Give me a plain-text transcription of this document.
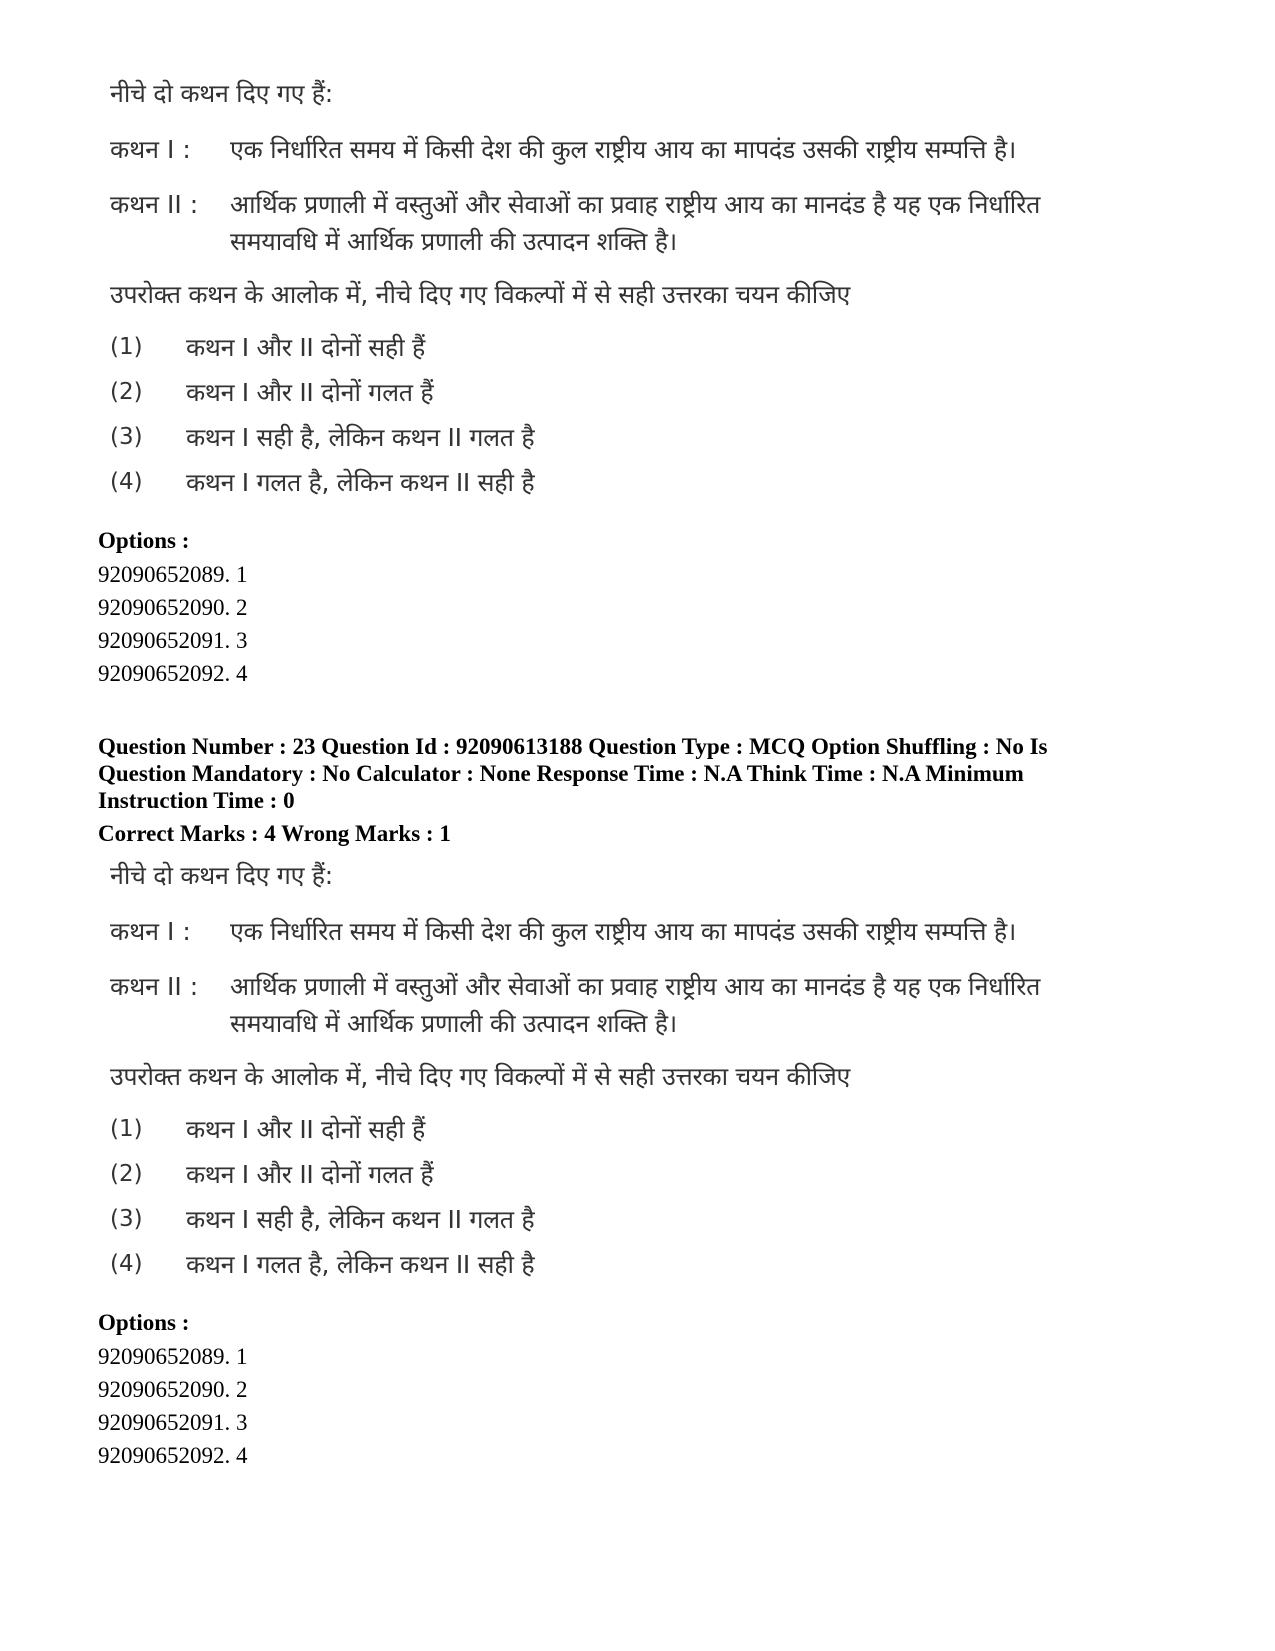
नीचे दो कथन दिए गए हैं:
कथन I : एक निर्धारित समय में किसी देश की कुल राष्ट्रीय आय का मापदंड उसकी राष्ट्रीय सम्पत्ति है।
कथन II : आर्थिक प्रणाली में वस्तुओं और सेवाओं का प्रवाह राष्ट्रीय आय का मानदंड है यह एक निर्धारित
समयावधि में आर्थिक प्रणाली की उत्पादन शक्ति है।
उपरोक्त कथन के आलोक में, नीचे दिए गए विकल्पों में से सही उत्तरका चयन कीजिए
(1) कथन I और II दोनों सही हैं
(2) कथन I और II दोनों गलत हैं
(3) कथन I सही है, लेकिन कथन II गलत है
(4) कथन I गलत है, लेकिन कथन II सही है
Options :
92090652089. 1
92090652090. 2
92090652091. 3
92090652092. 4
Question Number : 23 Question Id : 92090613188 Question Type : MCQ Option Shuffling : No Is
Question Mandatory : No Calculator : None Response Time : N.A Think Time : N.A Minimum
Instruction Time : 0
Correct Marks : 4 Wrong Marks : 1
नीचे दो कथन दिए गए हैं:
कथन I : एक निर्धारित समय में किसी देश की कुल राष्ट्रीय आय का मापदंड उसकी राष्ट्रीय सम्पत्ति है।
कथन II : आर्थिक प्रणाली में वस्तुओं और सेवाओं का प्रवाह राष्ट्रीय आय का मानदंड है यह एक निर्धारित
समयावधि में आर्थिक प्रणाली की उत्पादन शक्ति है।
उपरोक्त कथन के आलोक में, नीचे दिए गए विकल्पों में से सही उत्तरका चयन कीजिए
(1) कथन I और II दोनों सही हैं
(2) कथन I और II दोनों गलत हैं
(3) कथन I सही है, लेकिन कथन II गलत है
(4) कथन I गलत है, लेकिन कथन II सही है
Options :
92090652089. 1
92090652090. 2
92090652091. 3
92090652092. 4
